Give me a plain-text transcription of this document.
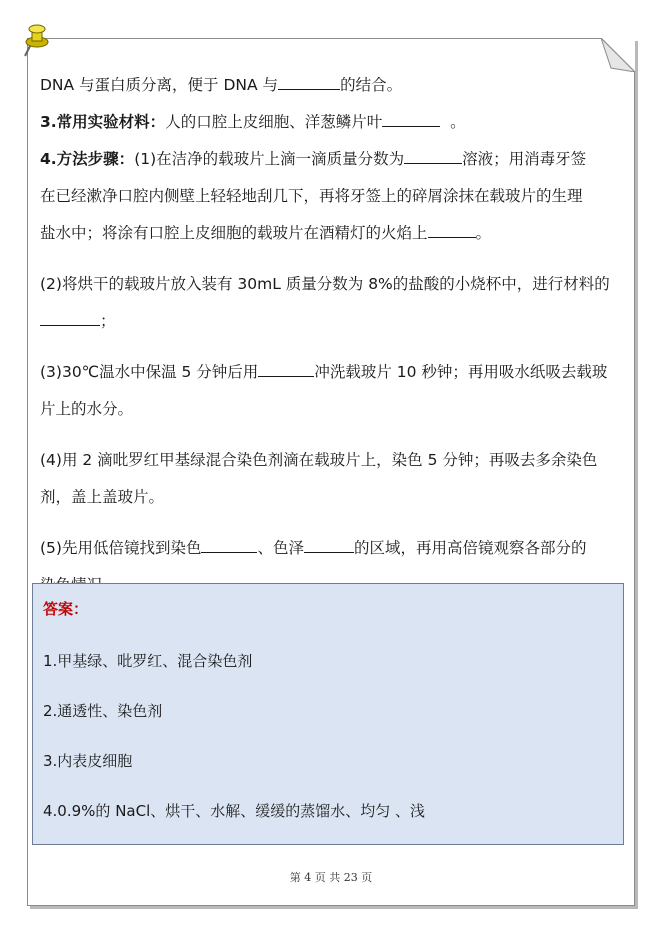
DNA 与蛋白质分离，便于 DNA 与	的结合。

3.常用实验材料：人的口腔上皮细胞、洋葱鳞片叶	。

4.方法步骤：(1)在洁净的载玻片上滴一滴质量分数为	溶液；用消毒牙签

在已经漱净口腔内侧壁上轻轻地刮几下，再将牙签上的碎屑涂抹在载玻片的生理

盐水中；将涂有口腔上皮细胞的载玻片在酒精灯的火焰上	。

(2)将烘干的载玻片放入装有 30mL 质量分数为 8%的盐酸的小烧杯中，进行材料的

；

(3)30℃温水中保温 5 分钟后用	冲洗载玻片 10 秒钟；再用吸水纸吸去载玻

片上的水分。

(4)用 2 滴吡罗红甲基绿混合染色剂滴在载玻片上，染色 5 分钟；再吸去多余染色

剂，盖上盖玻片。

(5)先用低倍镜找到染色	、色泽	的区域，再用高倍镜观察各部分的

答案：
1.甲基绿、吡罗红、混合染色剂
2.通透性、染色剂
3.内表皮细胞
4.0.9%的 NaCl、烘干、水解、缓缓的蒸馏水、均匀 、浅
第 4 页 共 23 页
